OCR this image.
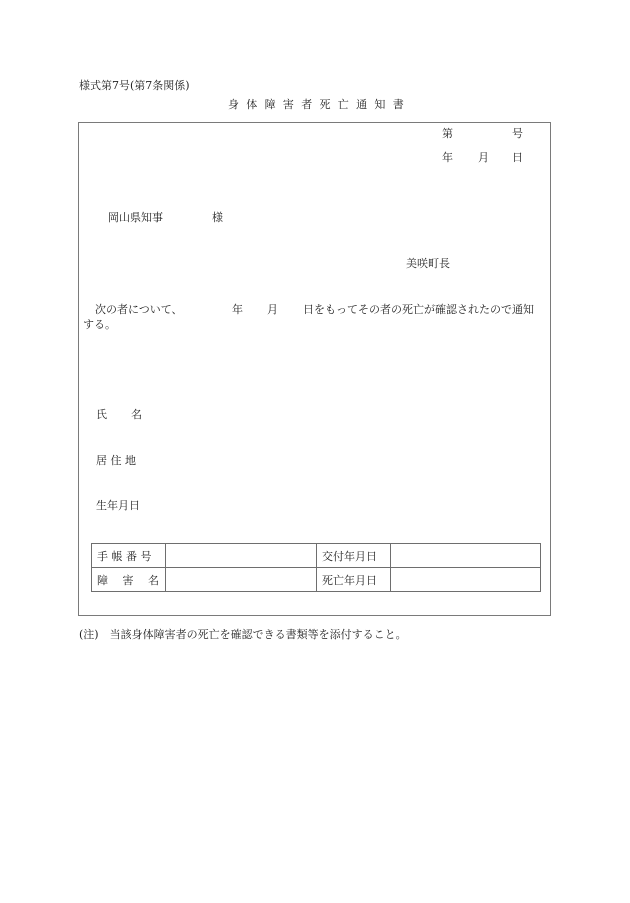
様式第7号(第7条関係)
身体障害者死亡通知書
第	号
年 月 日
岡山県知事	様
美咲町長
次の者について、	年 月 日をもってその者の死亡が確認されたので通知
する。
氏 名
居 住 地
生年月日
手 帳 番 号		交付年月日	
障　 害　 名		死亡年月日	
(注)　当該身体障害者の死亡を確認できる書類等を添付すること。
